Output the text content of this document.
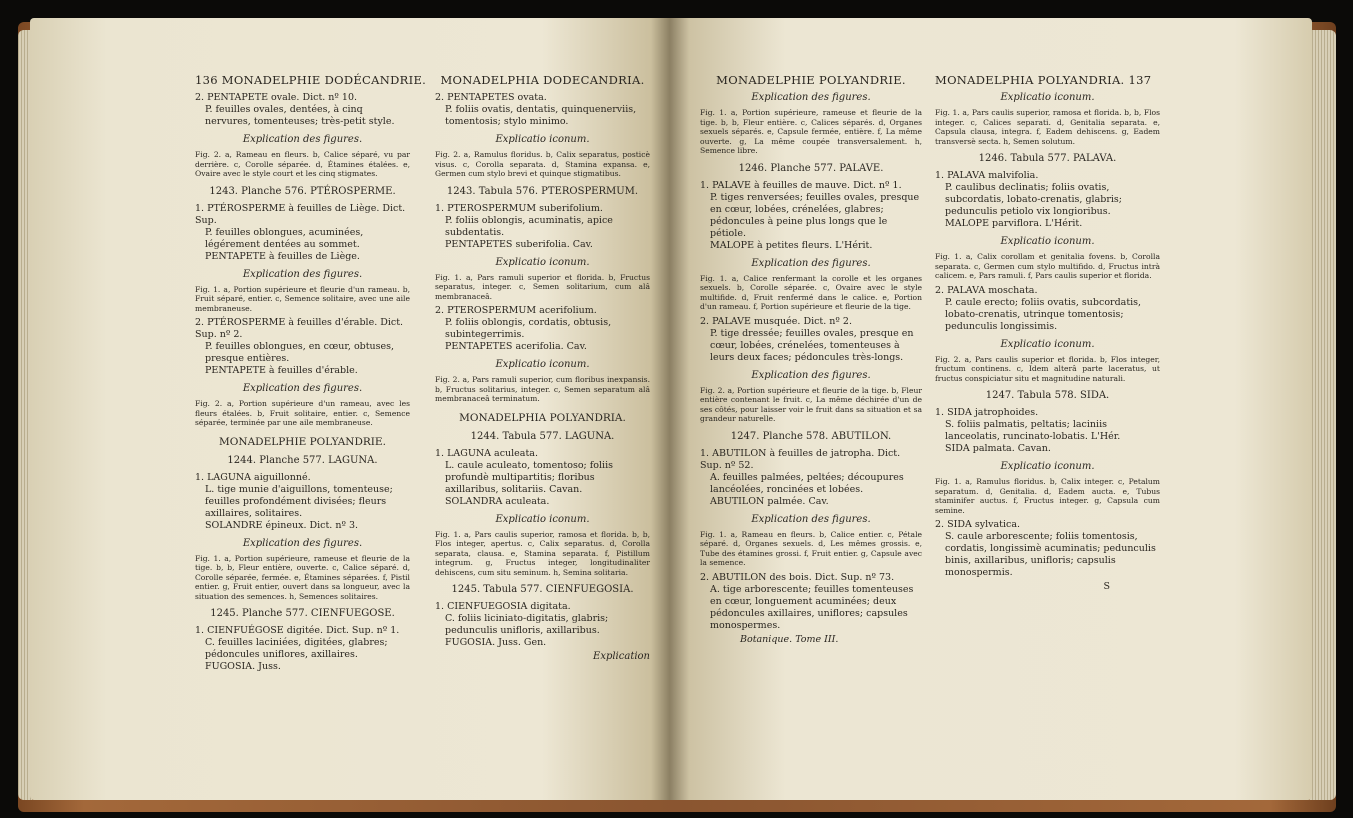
136 MONADELPHIE DODÉCANDRIE.

2. PENTAPETE ovale. Dict. nº 10.

P. feuilles ovales, dentées, à cinq nervures, tomenteuses; très-petit style.

Explication des figures.

Fig. 2. a, Rameau en fleurs. b, Calice séparé, vu par derrière. c, Corolle séparée. d, Étamines étalées. e, Ovaire avec le style court et les cinq stigmates.

1243. Planche 576. PTÉROSPERME.

1. PTÉROSPERME à feuilles de Liège. Dict. Sup.

P. feuilles oblongues, acuminées, légérement dentées au sommet.

PENTAPETE à feuilles de Liège.

Explication des figures.

Fig. 1. a, Portion supérieure et fleurie d'un rameau. b, Fruit séparé, entier. c, Semence solitaire, avec une aile membraneuse.

2. PTÉROSPERME à feuilles d'érable. Dict. Sup. nº 2.

P. feuilles oblongues, en cœur, obtuses, presque entières.

PENTAPETE à feuilles d'érable.

Explication des figures.

Fig. 2. a, Portion supérieure d'un rameau, avec les fleurs étalées. b, Fruit solitaire, entier. c, Semence séparée, terminée par une aile membraneuse.

MONADELPHIE POLYANDRIE.

1244. Planche 577. LAGUNA.

1. LAGUNA aiguillonné.

L. tige munie d'aiguillons, tomenteuse; feuilles profondément divisées; fleurs axillaires, solitaires.

SOLANDRE épineux. Dict. nº 3.

Explication des figures.

Fig. 1. a, Portion supérieure, rameuse et fleurie de la tige. b, b, Fleur entière, ouverte. c, Calice séparé. d, Corolle séparée, fermée. e, Étamines séparées. f, Pistil entier. g, Fruit entier, ouvert dans sa longueur, avec la situation des semences. h, Semences solitaires.

1245. Planche 577. CIENFUEGOSE.

1. CIENFUÉGOSE digitée. Dict. Sup. nº 1.

C. feuilles laciniées, digitées, glabres; pédoncules uniflores, axillaires.

FUGOSIA. Juss.

MONADELPHIA DODECANDRIA.

2. PENTAPETES ovata.

P. foliis ovatis, dentatis, quinquenerviis, tomentosis; stylo minimo.

Explicatio iconum.

Fig. 2. a, Ramulus floridus. b, Calix separatus, posticè visus. c, Corolla separata. d, Stamina expansa. e, Germen cum stylo brevi et quinque stigmatibus.

1243. Tabula 576. PTEROSPERMUM.

1. PTEROSPERMUM suberifolium.

P. foliis oblongis, acuminatis, apice subdentatis.

PENTAPETES suberifolia. Cav.

Explicatio iconum.

Fig. 1. a, Pars ramuli superior et florida. b, Fructus separatus, integer. c, Semen solitarium, cum alâ membranaceâ.

2. PTEROSPERMUM acerifolium.

P. foliis oblongis, cordatis, obtusis, subintegerrimis.

PENTAPETES acerifolia. Cav.

Explicatio iconum.

Fig. 2. a, Pars ramuli superior, cum floribus inexpansis. b, Fructus solitarius, integer. c, Semen separatum alâ membranaceâ terminatum.

MONADELPHIA POLYANDRIA.

1244. Tabula 577. LAGUNA.

1. LAGUNA aculeata.

L. caule aculeato, tomentoso; foliis profundè multipartitis; floribus axillaribus, solitariis. Cavan.

SOLANDRA aculeata.

Explicatio iconum.

Fig. 1. a, Pars caulis superior, ramosa et florida. b, b, Flos integer, apertus. c, Calix separatus. d, Corolla separata, clausa. e, Stamina separata. f, Pistillum integrum. g, Fructus integer, longitudinaliter dehiscens, cum situ seminum. h, Semina solitaria.

1245. Tabula 577. CIENFUEGOSIA.

1. CIENFUEGOSIA digitata.

C. foliis liciniato-digitatis, glabris; pedunculis unifloris, axillaribus.

FUGOSIA. Juss. Gen.

Explication

MONADELPHIE POLYANDRIE.

Explication des figures.

Fig. 1. a, Portion supérieure, rameuse et fleurie de la tige. b, b, Fleur entière. c, Calices séparés. d, Organes sexuels séparés. e, Capsule fermée, entière. f, La même ouverte. g, La même coupée transversalement. h, Semence libre.

1246. Planche 577. PALAVE.

1. PALAVE à feuilles de mauve. Dict. nº 1.

P. tiges renversées; feuilles ovales, presque en cœur, lobées, crénelées, glabres; pédoncules à peine plus longs que le pétiole.

MALOPE à petites fleurs. L'Hérit.

Explication des figures.

Fig. 1. a, Calice renfermant la corolle et les organes sexuels. b, Corolle séparée. c, Ovaire avec le style multifide. d, Fruit renfermé dans le calice. e, Portion d'un rameau. f, Portion supérieure et fleurie de la tige.

2. PALAVE musquée. Dict. nº 2.

P. tige dressée; feuilles ovales, presque en cœur, lobées, crénelées, tomenteuses à leurs deux faces; pédoncules très-longs.

Explication des figures.

Fig. 2. a, Portion supérieure et fleurie de la tige. b, Fleur entière contenant le fruit. c, La même déchirée d'un de ses côtés, pour laisser voir le fruit dans sa situation et sa grandeur naturelle.

1247. Planche 578. ABUTILON.

1. ABUTILON à feuilles de jatropha. Dict. Sup. nº 52.

A. feuilles palmées, peltées; découpures lancéolées, roncinées et lobées.

ABUTILON palmée. Cav.

Explication des figures.

Fig. 1. a, Rameau en fleurs. b, Calice entier. c, Pétale séparé. d, Organes sexuels. d, Les mêmes grossis. e, Tube des étamines grossi. f, Fruit entier. g, Capsule avec la semence.

2. ABUTILON des bois. Dict. Sup. nº 73.

A. tige arborescente; feuilles tomenteuses en cœur, longuement acuminées; deux pédoncules axillaires, uniflores; capsules monospermes.

Botanique. Tome III.

MONADELPHIA POLYANDRIA. 137

Explicatio iconum.

Fig. 1. a, Pars caulis superior, ramosa et florida. b, b, Flos integer. c, Calices separati. d, Genitalia separata. e, Capsula clausa, integra. f, Eadem dehiscens. g, Eadem transversè secta. h, Semen solutum.

1246. Tabula 577. PALAVA.

1. PALAVA malvifolia.

P. caulibus declinatis; foliis ovatis, subcordatis, lobato-crenatis, glabris; pedunculis petiolo vix longioribus.

MALOPE parviflora. L'Hérit.

Explicatio iconum.

Fig. 1. a, Calix corollam et genitalia fovens. b, Corolla separata. c, Germen cum stylo multifido. d, Fructus intrà calicem. e, Pars ramuli. f, Pars caulis superior et florida.

2. PALAVA moschata.

P. caule erecto; foliis ovatis, subcordatis, lobato-crenatis, utrinque tomentosis; pedunculis longissimis.

Explicatio iconum.

Fig. 2. a, Pars caulis superior et florida. b, Flos integer, fructum continens. c, Idem alterâ parte laceratus, ut fructus conspiciatur situ et magnitudine naturali.

1247. Tabula 578. SIDA.

1. SIDA jatrophoides.

S. foliis palmatis, peltatis; laciniis lanceolatis, runcinato-lobatis. L'Hér.

SIDA palmata. Cavan.

Explicatio iconum.

Fig. 1. a, Ramulus floridus. b, Calix integer. c, Petalum separatum. d, Genitalia. d, Eadem aucta. e, Tubus staminifer auctus. f, Fructus integer. g, Capsula cum semine.

2. SIDA sylvatica.

S. caule arborescente; foliis tomentosis, cordatis, longissimè acuminatis; pedunculis binis, axillaribus, unifloris; capsulis monospermis.

S
